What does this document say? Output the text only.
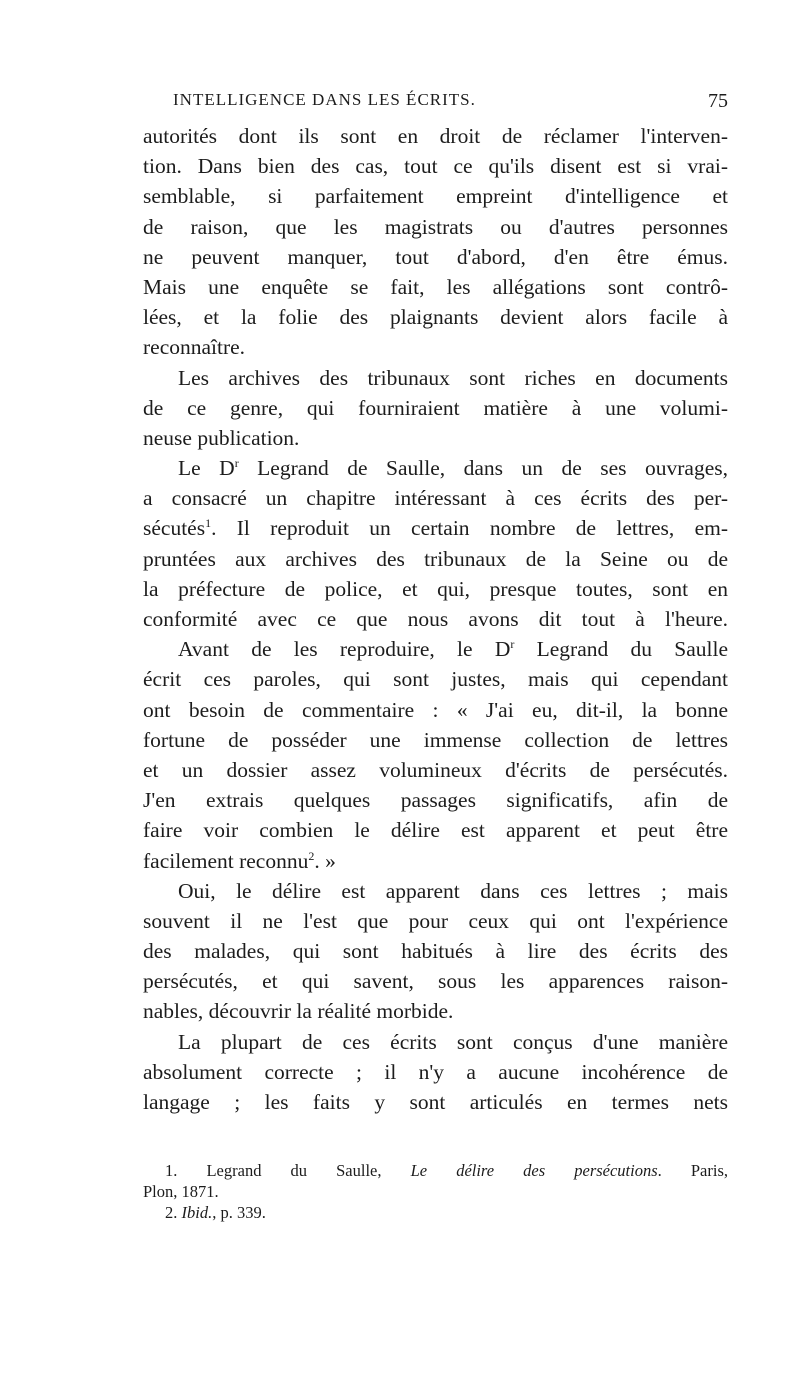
INTELLIGENCE DANS LES ÉCRITS.	75
autorités dont ils sont en droit de réclamer l'interven-
tion. Dans bien des cas, tout ce qu'ils disent est si vrai-
semblable, si parfaitement empreint d'intelligence et
de raison, que les magistrats ou d'autres personnes
ne peuvent manquer, tout d'abord, d'en être émus.
Mais une enquête se fait, les allégations sont contrô-
lées, et la folie des plaignants devient alors facile à
reconnaître.
Les archives des tribunaux sont riches en documents
de ce genre, qui fourniraient matière à une volumi-
neuse publication.
Le $D^r$ Legrand de Saulle, dans un de ses ouvrages,
a consacré un chapitre intéressant à ces écrits des per-
sécutés$^1$. Il reproduit un certain nombre de lettres, em-
pruntées aux archives des tribunaux de la Seine ou de
la préfecture de police, et qui, presque toutes, sont en
conformité avec ce que nous avons dit tout à l'heure.
Avant de les reproduire, le $D^r$ Legrand du Saulle
écrit ces paroles, qui sont justes, mais qui cependant
ont besoin de commentaire : « J'ai eu, dit-il, la bonne
fortune de posséder une immense collection de lettres
et un dossier assez volumineux d'écrits de persécutés.
J'en extrais quelques passages significatifs, afin de
faire voir combien le délire est apparent et peut être
facilement reconnu$^2$. »
Oui, le délire est apparent dans ces lettres ; mais
souvent il ne l'est que pour ceux qui ont l'expérience
des malades, qui sont habitués à lire des écrits des
persécutés, et qui savent, sous les apparences raison-
nables, découvrir la réalité morbide.
La plupart de ces écrits sont conçus d'une manière
absolument correcte ; il n'y a aucune incohérence de
langage ; les faits y sont articulés en termes nets
1. Legrand du Saulle, Le délire des persécutions. Paris,
Plon, 1871.
2. Ibid., p. 339.
